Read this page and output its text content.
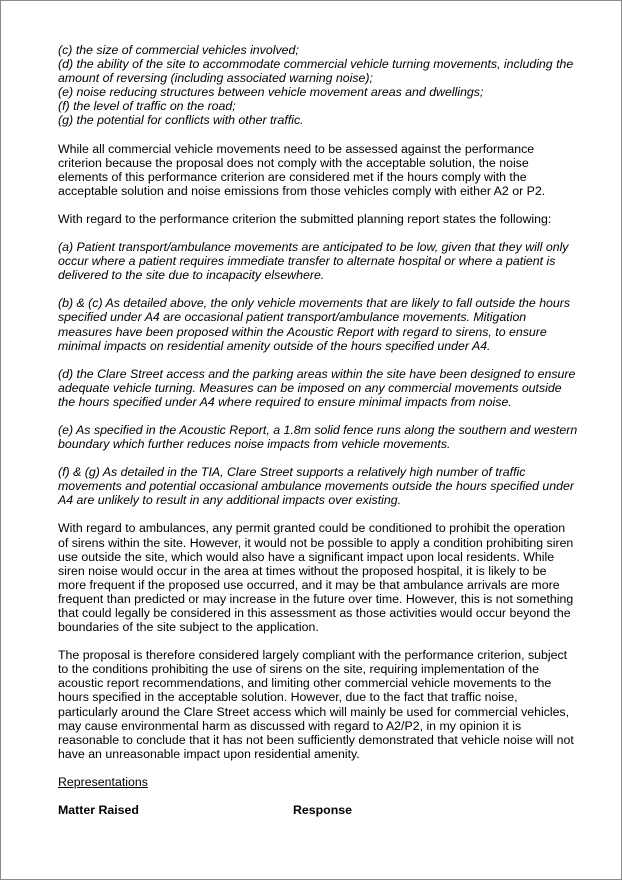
(c) the size of commercial vehicles involved;
(d) the ability of the site to accommodate commercial vehicle turning movements, including the amount of reversing (including associated warning noise);
(e) noise reducing structures between vehicle movement areas and dwellings;
(f) the level of traffic on the road;
(g) the potential for conflicts with other traffic.

While all commercial vehicle movements need to be assessed against the performance criterion because the proposal does not comply with the acceptable solution, the noise elements of this performance criterion are considered met if the hours comply with the acceptable solution and noise emissions from those vehicles comply with either A2 or P2.

With regard to the performance criterion the submitted planning report states the following:

(a) Patient transport/ambulance movements are anticipated to be low, given that they will only occur where a patient requires immediate transfer to alternate hospital or where a patient is delivered to the site due to incapacity elsewhere.

(b) & (c) As detailed above, the only vehicle movements that are likely to fall outside the hours specified under A4 are occasional patient transport/ambulance movements. Mitigation measures have been proposed within the Acoustic Report with regard to sirens, to ensure minimal impacts on residential amenity outside of the hours specified under A4.

(d) the Clare Street access and the parking areas within the site have been designed to ensure adequate vehicle turning. Measures can be imposed on any commercial movements outside the hours specified under A4 where required to ensure minimal impacts from noise.

(e) As specified in the Acoustic Report, a 1.8m solid fence runs along the southern and western boundary which further reduces noise impacts from vehicle movements.

(f) & (g) As detailed in the TIA, Clare Street supports a relatively high number of traffic movements and potential occasional ambulance movements outside the hours specified under A4 are unlikely to result in any additional impacts over existing.

With regard to ambulances, any permit granted could be conditioned to prohibit the operation of sirens within the site. However, it would not be possible to apply a condition prohibiting siren use outside the site, which would also have a significant impact upon local residents. While siren noise would occur in the area at times without the proposed hospital, it is likely to be more frequent if the proposed use occurred, and it may be that ambulance arrivals are more frequent than predicted or may increase in the future over time. However, this is not something that could legally be considered in this assessment as those activities would occur beyond the boundaries of the site subject to the application.

The proposal is therefore considered largely compliant with the performance criterion, subject to the conditions prohibiting the use of sirens on the site, requiring implementation of the acoustic report recommendations, and limiting other commercial vehicle movements to the hours specified in the acceptable solution. However, due to the fact that traffic noise, particularly around the Clare Street access which will mainly be used for commercial vehicles, may cause environmental harm as discussed with regard to A2/P2, in my opinion it is reasonable to conclude that it has not been sufficiently demonstrated that vehicle noise will not have an unreasonable impact upon residential amenity.

Representations
Matter Raised	Response
